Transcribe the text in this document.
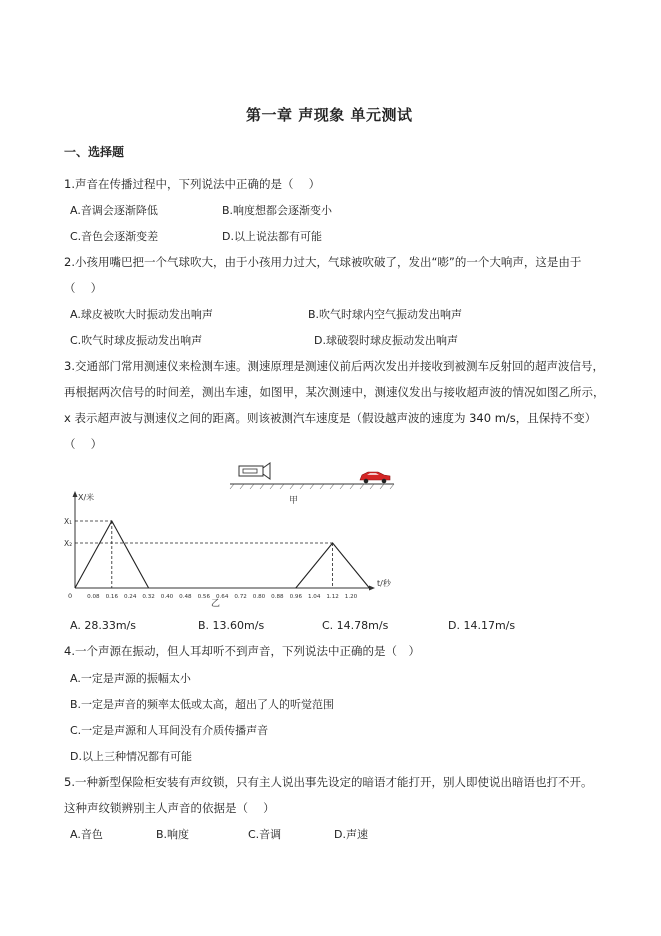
第一章 声现象 单元测试
一、选择题
1.声音在传播过程中，下列说法中正确的是（　 ）
A.音调会逐渐降低	B.响度想都会逐渐变小
C.音色会逐渐变差	D.以上说法都有可能
2.小孩用嘴巴把一个气球吹大，由于小孩用力过大，气球被吹破了，发出“嘭”的一个大响声，这是由于
（　 ）
A.球皮被吹大时振动发出响声	B.吹气时球内空气振动发出响声
C.吹气时球皮振动发出响声	D.球破裂时球皮振动发出响声
3.交通部门常用测速仪来检测车速。测速原理是测速仪前后两次发出并接收到被测车反射回的超声波信号，
再根据两次信号的时间差，测出车速，如图甲，某次测速中，测速仪发出与接收超声波的情况如图乙所示，
x 表示超声波与测速仪之间的距离。则该被测汽车速度是（假设越声波的速度为 340 m/s，且保持不变）
（　 ）
甲
X/米
t/秒
X₁
X₂
0	0.08 0.16 0.24 0.32 0.40 0.48 0.56 0.64 0.72 0.80 0.88 0.96 1.04 1.12 1.20
乙
A. 28.33m/s	B. 13.60m/s	C. 14.78m/s	D. 14.17m/s
4.一个声源在振动，但人耳却听不到声音，下列说法中正确的是（　）
A.一定是声源的振幅太小
B.一定是声音的频率太低或太高，超出了人的听觉范围
C.一定是声源和人耳间没有介质传播声音
D.以上三种情况都有可能
5.一种新型保险柜安装有声纹锁，只有主人说出事先设定的暗语才能打开，别人即使说出暗语也打不开。
这种声纹锁辨别主人声音的依据是（　 ）
A.音色	B.响度	C.音调	D.声速
